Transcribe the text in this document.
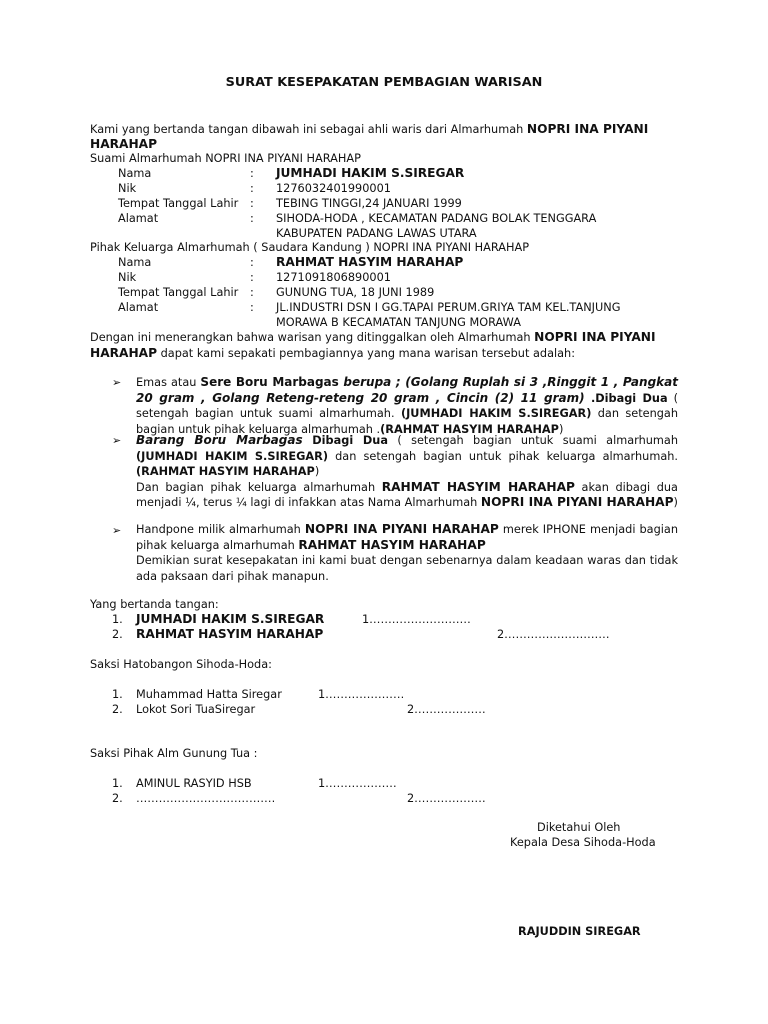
SURAT KESEPAKATAN PEMBAGIAN WARISAN
Kami yang bertanda tangan dibawah ini sebagai ahli waris dari Almarhumah NOPRI INA PIYANI
HARAHAP
Suami Almarhumah NOPRI INA PIYANI HARAHAP
Nama	: JUMHADI HAKIM S.SIREGAR
Nik	: 1276032401990001
Tempat Tanggal Lahir : TEBING TINGGI,24 JANUARI 1999
Alamat	: SIHODA-HODA , KECAMATAN PADANG BOLAK TENGGARA
KABUPATEN PADANG LAWAS UTARA
Pihak Keluarga Almarhumah ( Saudara Kandung ) NOPRI INA PIYANI HARAHAP
Nama	: RAHMAT HASYIM HARAHAP
Nik	: 1271091806890001
Tempat Tanggal Lahir : GUNUNG TUA, 18 JUNI 1989
Alamat	: JL.INDUSTRI DSN I GG.TAPAI PERUM.GRIYA TAM KEL.TANJUNG
MORAWA B KECAMATAN TANJUNG MORAWA
Dengan ini menerangkan bahwa warisan yang ditinggalkan oleh Almarhumah NOPRI INA PIYANI
HARAHAP dapat kami sepakati pembagiannya yang mana warisan tersebut adalah:
➢ Emas atau Sere Boru Marbagas berupa ; (Golang Ruplah si 3 ,Ringgit 1 , Pangkat 20 gram , Golang Reteng-reteng 20 gram , Cincin (2) 11 gram) .Dibagi Dua ( setengah bagian untuk suami almarhumah. (JUMHADI HAKIM S.SIREGAR) dan setengah bagian untuk pihak keluarga almarhumah .(RAHMAT HASYIM HARAHAP)
➢ Barang Boru Marbagas Dibagi Dua ( setengah bagian untuk suami almarhumah (JUMHADI HAKIM S.SIREGAR) dan setengah bagian untuk pihak keluarga almarhumah.(RAHMAT HASYIM HARAHAP)
Dan bagian pihak keluarga almarhumah RAHMAT HASYIM HARAHAP akan dibagi dua menjadi ¼, terus ¼ lagi di infakkan atas Nama Almarhumah NOPRI INA PIYANI HARAHAP)
➢ Handpone milik almarhumah NOPRI INA PIYANI HARAHAP merek IPHONE menjadi bagian pihak keluarga almarhumah RAHMAT HASYIM HARAHAP
Demikian surat kesepakatan ini kami buat dengan sebenarnya dalam keadaan waras dan tidak ada paksaan dari pihak manapun.
Yang bertanda tangan:
1. JUMHADI HAKIM S.SIREGAR	1………………………
2. RAHMAT HASYIM HARAHAP	2……………………….
Saksi Hatobangon Sihoda-Hoda:
1. Muhammad Hatta Siregar	1…………………
2. Lokot Sori TuaSiregar	2……………….
Saksi Pihak Alm Gunung Tua :
1. AMINUL RASYID HSB	1……………….
2. ……………………………….	2……………….
Diketahui Oleh
Kepala Desa Sihoda-Hoda
RAJUDDIN SIREGAR
